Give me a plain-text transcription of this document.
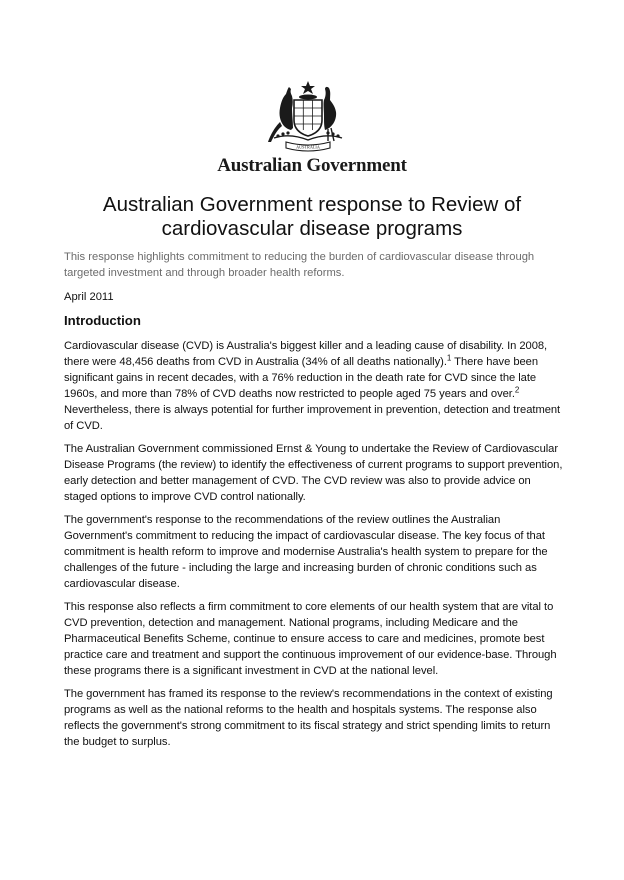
AUSTRALIA
Australian Government
Australian Government response to Review of cardiovascular disease programs

This response highlights commitment to reducing the burden of cardiovascular disease through targeted investment and through broader health reforms.

April 2011

Introduction

Cardiovascular disease (CVD) is Australia's biggest killer and a leading cause of disability. In 2008, there were 48,456 deaths from CVD in Australia (34% of all deaths nationally).$^1$ There have been significant gains in recent decades, with a 76% reduction in the death rate for CVD since the late 1960s, and more than 78% of CVD deaths now restricted to people aged 75 years and over.$^2$ Nevertheless, there is always potential for further improvement in prevention, detection and treatment of CVD.

The Australian Government commissioned Ernst & Young to undertake the Review of Cardiovascular Disease Programs (the review) to identify the effectiveness of current programs to support prevention, early detection and better management of CVD. The CVD review was also to provide advice on staged options to improve CVD control nationally.

The government's response to the recommendations of the review outlines the Australian Government's commitment to reducing the impact of cardiovascular disease. The key focus of that commitment is health reform to improve and modernise Australia's health system to prepare for the challenges of the future - including the large and increasing burden of chronic conditions such as cardiovascular disease.

This response also reflects a firm commitment to core elements of our health system that are vital to CVD prevention, detection and management. National programs, including Medicare and the Pharmaceutical Benefits Scheme, continue to ensure access to care and medicines, promote best practice care and treatment and support the continuous improvement of our evidence-base. Through these programs there is a significant investment in CVD at the national level.

The government has framed its response to the review's recommendations in the context of existing programs as well as the national reforms to the health and hospitals systems. The response also reflects the government's strong commitment to its fiscal strategy and strict spending limits to return the budget to surplus.
